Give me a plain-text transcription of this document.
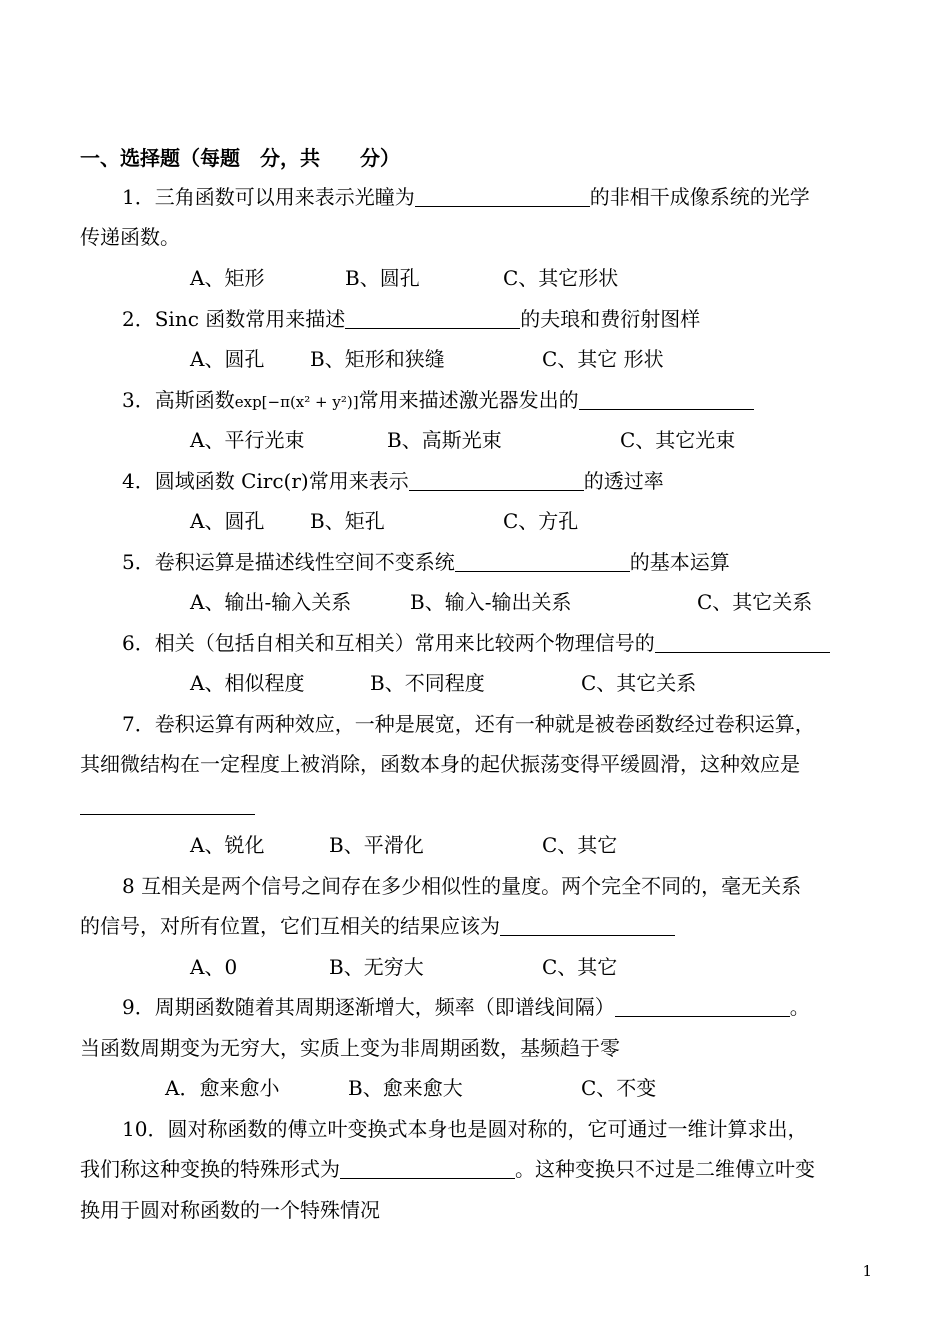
一、选择题（每题　分，共　　分）
1．三角函数可以用来表示光瞳为	的非相干成像系统的光学
传递函数。
A、矩形	B、圆孔	C、其它形状
2．Sinc 函数常用来描述	的夫琅和费衍射图样
A、圆孔 B、矩形和狭缝	C、其它 形状
3．高斯函数exp[−π(x² + y²)]常用来描述激光器发出的
A、平行光束	B、高斯光束	C、其它光束
4．圆域函数 Circ(r)常用来表示	的透过率
A、圆孔 B、矩孔	C、方孔
5．卷积运算是描述线性空间不变系统	的基本运算
A、输出-输入关系	B、输入-输出关系	C、其它关系
6．相关（包括自相关和互相关）常用来比较两个物理信号的
A、相似程度	B、不同程度	C、其它关系
7．卷积运算有两种效应，一种是展宽，还有一种就是被卷函数经过卷积运算，
其细微结构在一定程度上被消除，函数本身的起伏振荡变得平缓圆滑，这种效应是
A、锐化	B、平滑化	C、其它
8 互相关是两个信号之间存在多少相似性的量度。两个完全不同的，毫无关系
的信号，对所有位置，它们互相关的结果应该为
A、0	B、无穷大	C、其它
9．周期函数随着其周期逐渐增大，频率（即谱线间隔）	。
当函数周期变为无穷大，实质上变为非周期函数，基频趋于零
A．愈来愈小	B、愈来愈大	C、不变
10．圆对称函数的傅立叶变换式本身也是圆对称的，它可通过一维计算求出，
我们称这种变换的特殊形式为	。这种变换只不过是二维傅立叶变
换用于圆对称函数的一个特殊情况
1
